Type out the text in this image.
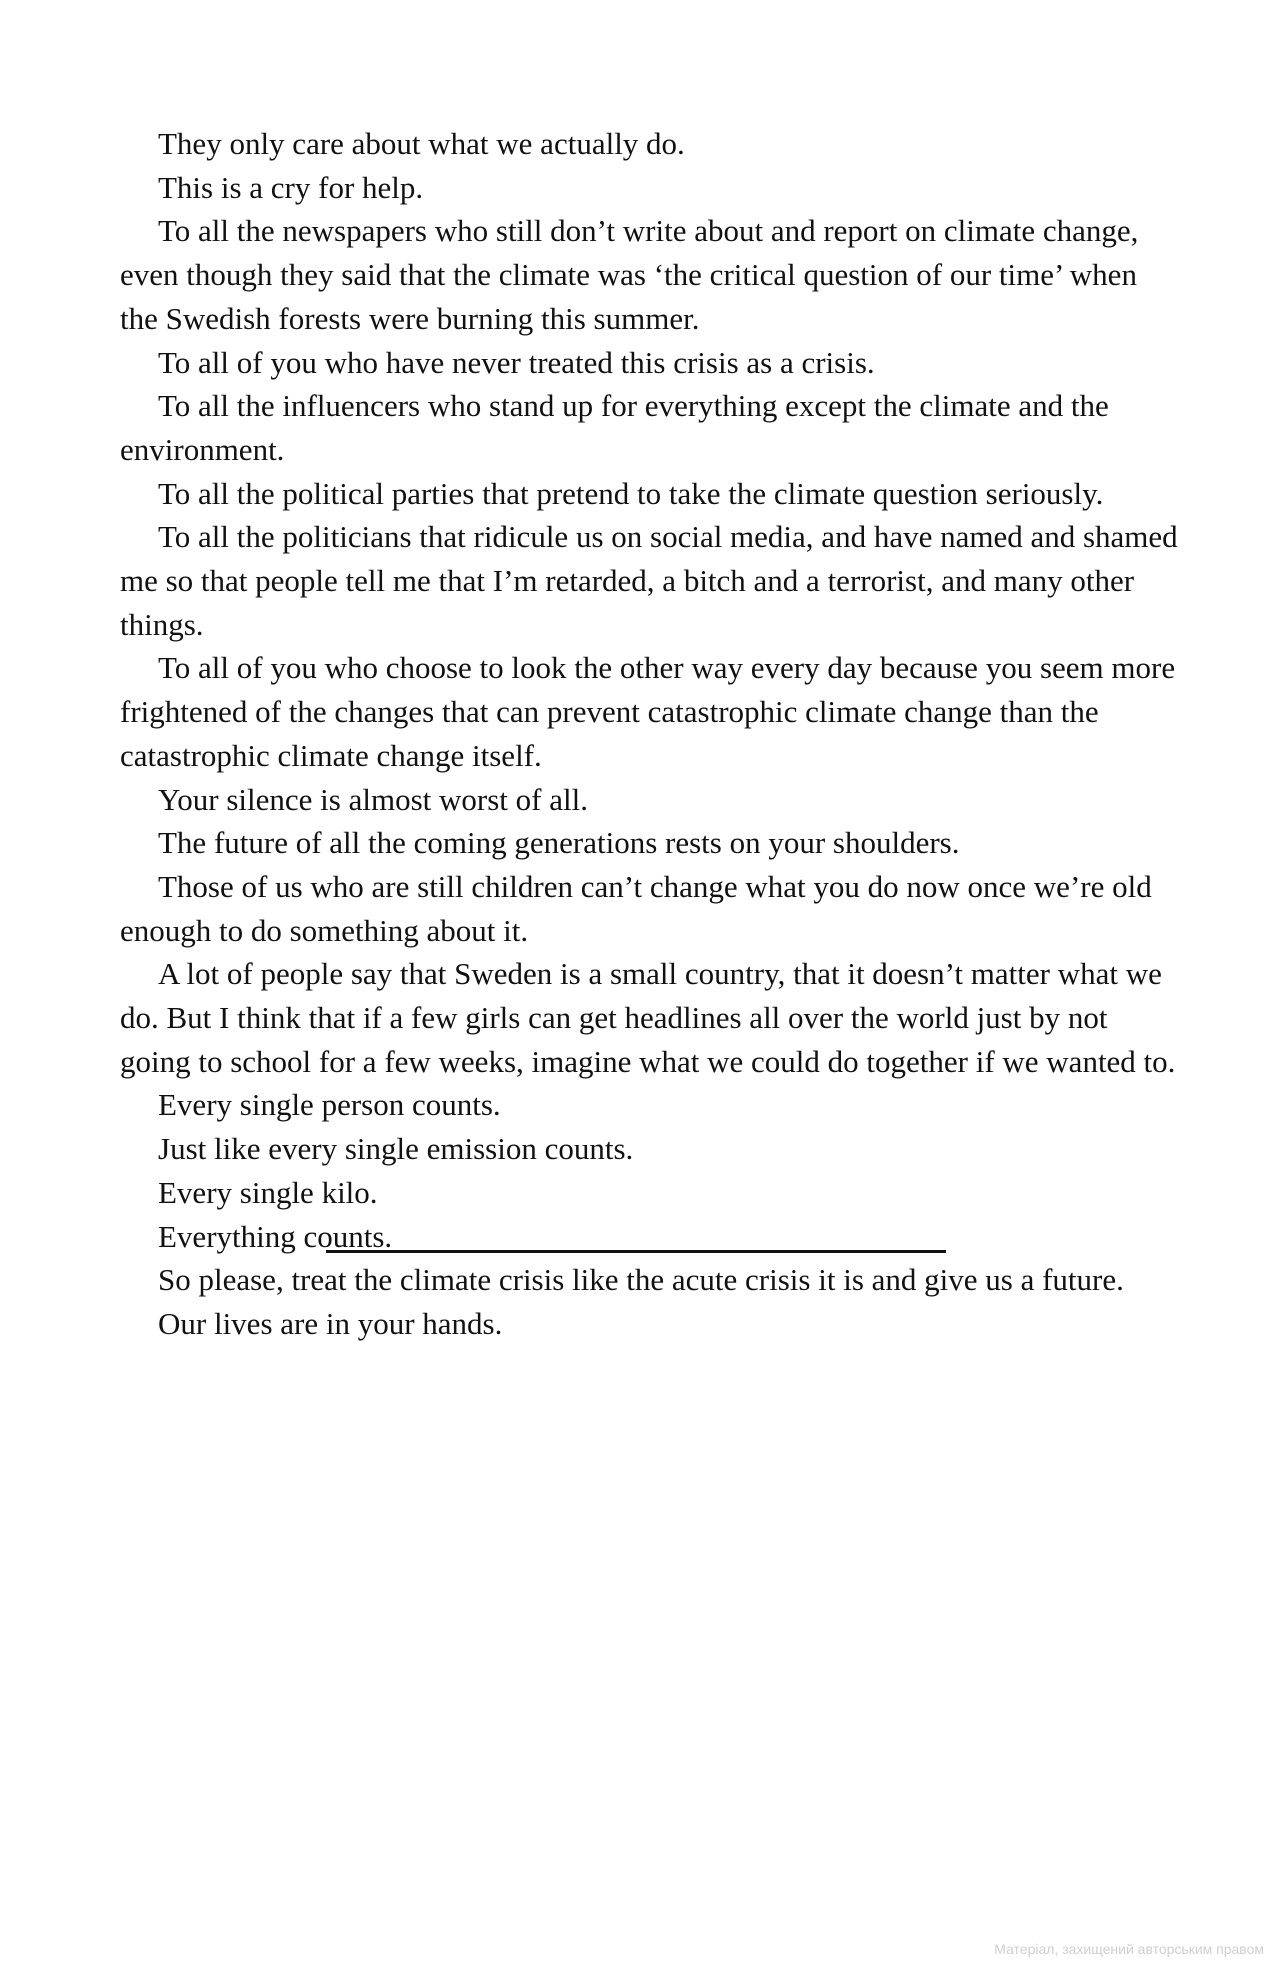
They only care about what we actually do.

This is a cry for help.

To all the newspapers who still don’t write about and report on climate change, even though they said that the climate was ‘the critical question of our time’ when the Swedish forests were burning this summer.

To all of you who have never treated this crisis as a crisis.

To all the influencers who stand up for everything except the climate and the environment.

To all the political parties that pretend to take the climate question seriously.

To all the politicians that ridicule us on social media, and have named and shamed me so that people tell me that I’m retarded, a bitch and a terrorist, and many other things.

To all of you who choose to look the other way every day because you seem more frightened of the changes that can prevent catastrophic climate change than the catastrophic climate change itself.

Your silence is almost worst of all.

The future of all the coming generations rests on your shoulders.

Those of us who are still children can’t change what you do now once we’re old enough to do something about it.

A lot of people say that Sweden is a small country, that it doesn’t matter what we do. But I think that if a few girls can get headlines all over the world just by not going to school for a few weeks, imagine what we could do together if we wanted to.

Every single person counts.

Just like every single emission counts.

Every single kilo.

Everything counts.

So please, treat the climate crisis like the acute crisis it is and give us a future.

Our lives are in your hands.

Матеріал, захищений авторським правом
